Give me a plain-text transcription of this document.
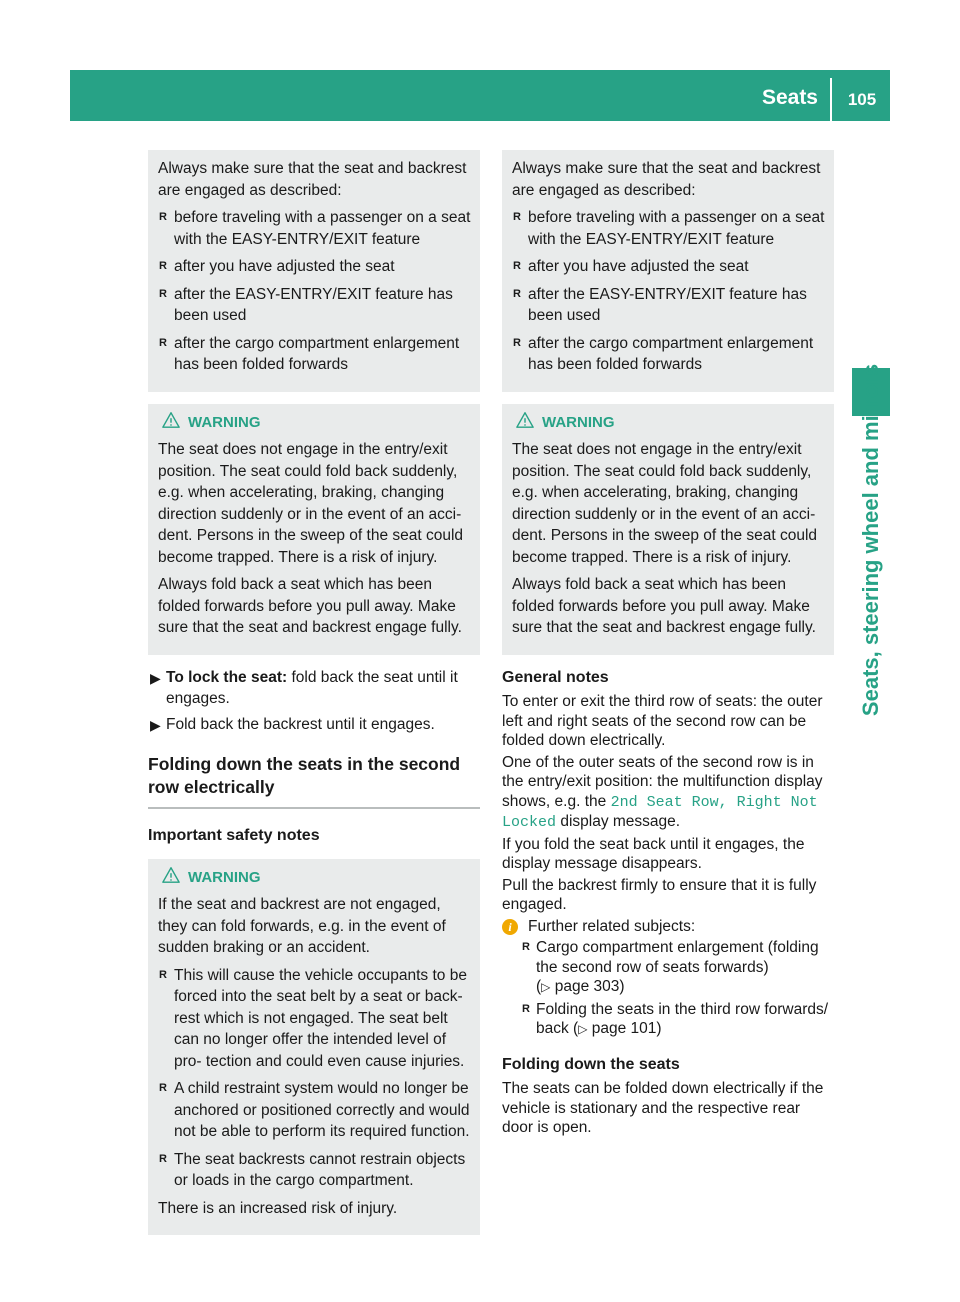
Seats	105
Seats, steering wheel and mirrors

Always make sure that the seat and backrest are engaged as described:

R before traveling with a passenger on a seat with the EASY-ENTRY/EXIT feature

R after you have adjusted the seat

R after the EASY-ENTRY/EXIT feature has been used

R after the cargo compartment enlargement has been folded forwards

WARNING

The seat does not engage in the entry/exit position. The seat could fold back suddenly, e.g. when accelerating, braking, changing direction suddenly or in the event of an acci- dent. Persons in the sweep of the seat could become trapped. There is a risk of injury.

Always fold back a seat which has been folded forwards before you pull away. Make sure that the seat and backrest engage fully.

▶ To lock the seat: fold back the seat until it engages.

▶ Fold back the backrest until it engages.

Folding down the seats in the second row electrically
Important safety notes

WARNING

If the seat and backrest are not engaged, they can fold forwards, e.g. in the event of sudden braking or an accident.

R This will cause the vehicle occupants to be forced into the seat belt by a seat or back- rest which is not engaged. The seat belt can no longer offer the intended level of pro- tection and could even cause injuries.

R A child restraint system would no longer be anchored or positioned correctly and would not be able to perform its required function.

R The seat backrests cannot restrain objects or loads in the cargo compartment.

There is an increased risk of injury.

Always make sure that the seat and backrest are engaged as described:

R before traveling with a passenger on a seat with the EASY-ENTRY/EXIT feature

R after you have adjusted the seat

R after the EASY-ENTRY/EXIT feature has been used

R after the cargo compartment enlargement has been folded forwards

WARNING

The seat does not engage in the entry/exit position. The seat could fold back suddenly, e.g. when accelerating, braking, changing direction suddenly or in the event of an acci- dent. Persons in the sweep of the seat could become trapped. There is a risk of injury.

Always fold back a seat which has been folded forwards before you pull away. Make sure that the seat and backrest engage fully.

General notes

To enter or exit the third row of seats: the outer left and right seats of the second row can be folded down electrically.

One of the outer seats of the second row is in the entry/exit position: the multifunction display shows, e.g. the 2nd Seat Row, Right Not Locked display message.

If you fold the seat back until it engages, the display message disappears.

Pull the backrest firmly to ensure that it is fully engaged.

i	Further related subjects:

R Cargo compartment enlargement (folding the second row of seats forwards)
(▷ page 303)

R Folding the seats in the third row forwards/ back (▷ page 101)

Folding down the seats

The seats can be folded down electrically if the vehicle is stationary and the respective rear door is open.
